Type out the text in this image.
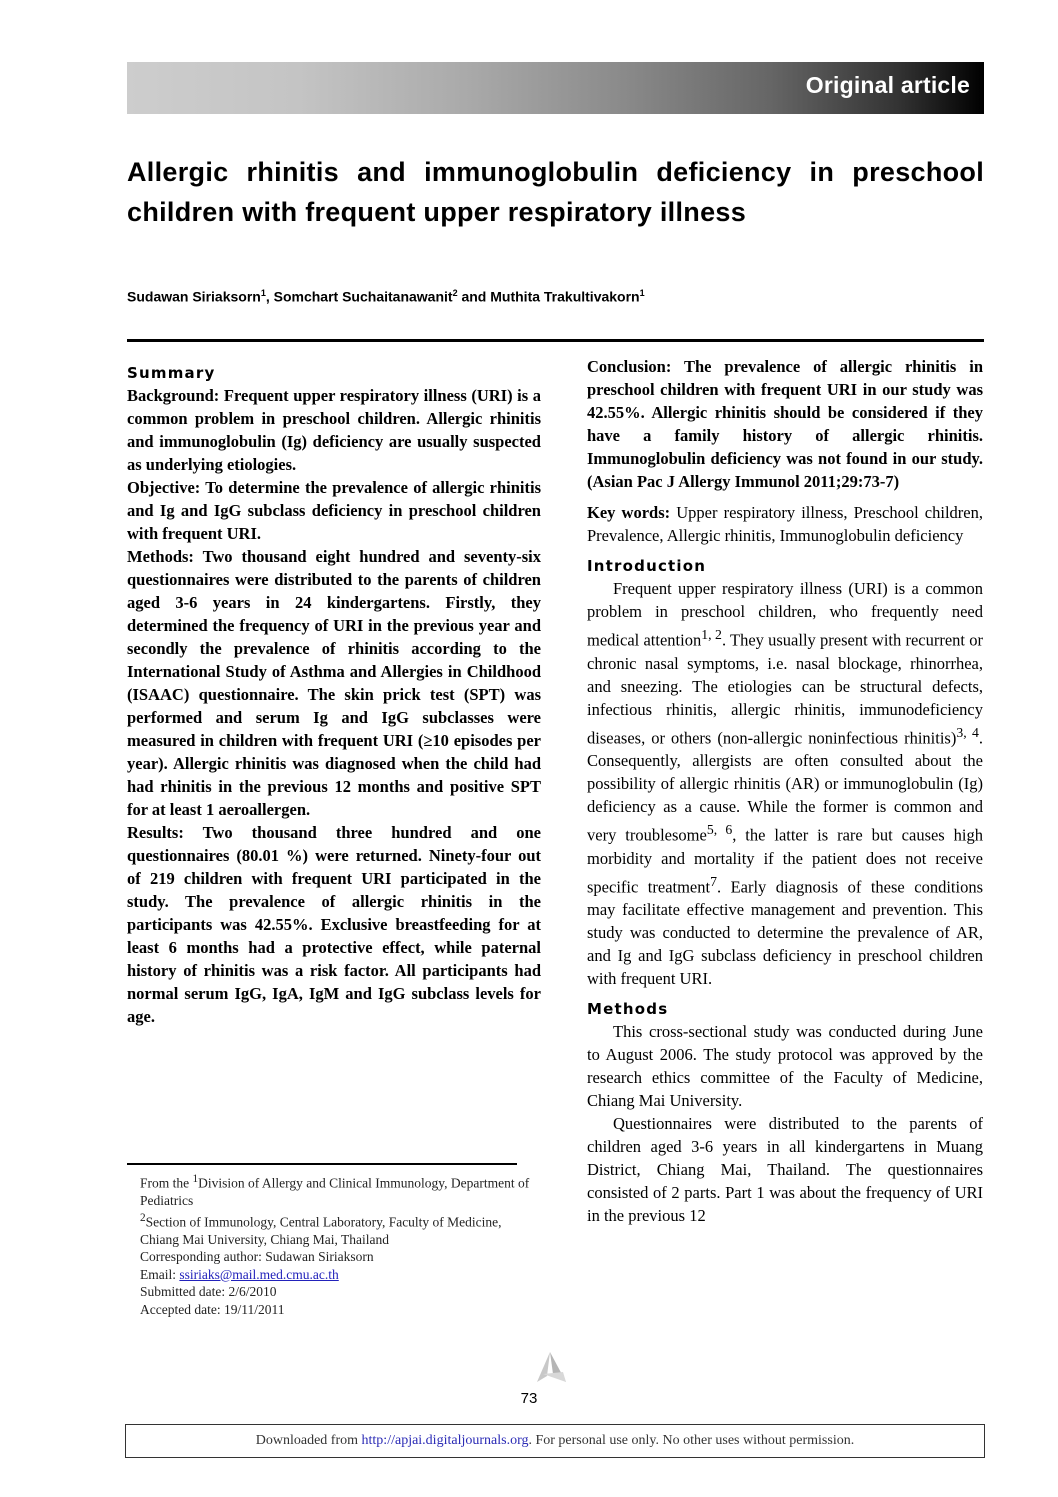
Original article
Allergic rhinitis and immunoglobulin deficiency in preschool children with frequent upper respiratory illness
Sudawan Siriaksorn$^1$, Somchart Suchaitanawanit$^2$ and Muthita Trakultivakorn$^1$
Summary

Background: Frequent upper respiratory illness (URI) is a common problem in preschool children. Allergic rhinitis and immunoglobulin (Ig) deficiency are usually suspected as underlying etiologies.

Objective: To determine the prevalence of allergic rhinitis and Ig and IgG subclass deficiency in preschool children with frequent URI.

Methods: Two thousand eight hundred and seventy-six questionnaires were distributed to the parents of children aged 3-6 years in 24 kindergartens. Firstly, they determined the frequency of URI in the previous year and secondly the prevalence of rhinitis according to the International Study of Asthma and Allergies in Childhood (ISAAC) questionnaire. The skin prick test (SPT) was performed and serum Ig and IgG subclasses were measured in children with frequent URI (≥10 episodes per year). Allergic rhinitis was diagnosed when the child had had rhinitis in the previous 12 months and positive SPT for at least 1 aeroallergen.

Results: Two thousand three hundred and one questionnaires (80.01 %) were returned. Ninety-four out of 219 children with frequent URI participated in the study. The prevalence of allergic rhinitis in the participants was 42.55%. Exclusive breastfeeding for at least 6 months had a protective effect, while paternal history of rhinitis was a risk factor. All participants had normal serum IgG, IgA, IgM and IgG subclass levels for age.

From the $^1$Division of Allergy and Clinical Immunology, Department of Pediatrics
$^2$Section of Immunology, Central Laboratory, Faculty of Medicine, Chiang Mai University, Chiang Mai, Thailand
Corresponding author: Sudawan Siriaksorn
Email: ssiriaks@mail.med.cmu.ac.th
Submitted date: 2/6/2010
Accepted date: 19/11/2011

Conclusion: The prevalence of allergic rhinitis in preschool children with frequent URI in our study was 42.55%. Allergic rhinitis should be considered if they have a family history of allergic rhinitis. Immunoglobulin deficiency was not found in our study. (Asian Pac J Allergy Immunol 2011;29:73-7)

Key words: Upper respiratory illness, Preschool children, Prevalence, Allergic rhinitis, Immunoglobulin deficiency

Introduction

Frequent upper respiratory illness (URI) is a common problem in preschool children, who frequently need medical attention$^{1, 2}$. They usually present with recurrent or chronic nasal symptoms, i.e. nasal blockage, rhinorrhea, and sneezing. The etiologies can be structural defects, infectious rhinitis, allergic rhinitis, immunodeficiency diseases, or others (non-allergic noninfectious rhinitis)$^{3, 4}$. Consequently, allergists are often consulted about the possibility of allergic rhinitis (AR) or immunoglobulin (Ig) deficiency as a cause. While the former is common and very troublesome$^{5, 6}$, the latter is rare but causes high morbidity and mortality if the patient does not receive specific treatment$^7$. Early diagnosis of these conditions may facilitate effective management and prevention. This study was conducted to determine the prevalence of AR, and Ig and IgG subclass deficiency in preschool children with frequent URI.

Methods

This cross-sectional study was conducted during June to August 2006. The study protocol was approved by the research ethics committee of the Faculty of Medicine, Chiang Mai University.

Questionnaires were distributed to the parents of children aged 3-6 years in all kindergartens in Muang District, Chiang Mai, Thailand. The questionnaires consisted of 2 parts. Part 1 was about the frequency of URI in the previous 12

73
Downloaded from http://apjai.digitaljournals.org. For personal use only. No other uses without permission.
